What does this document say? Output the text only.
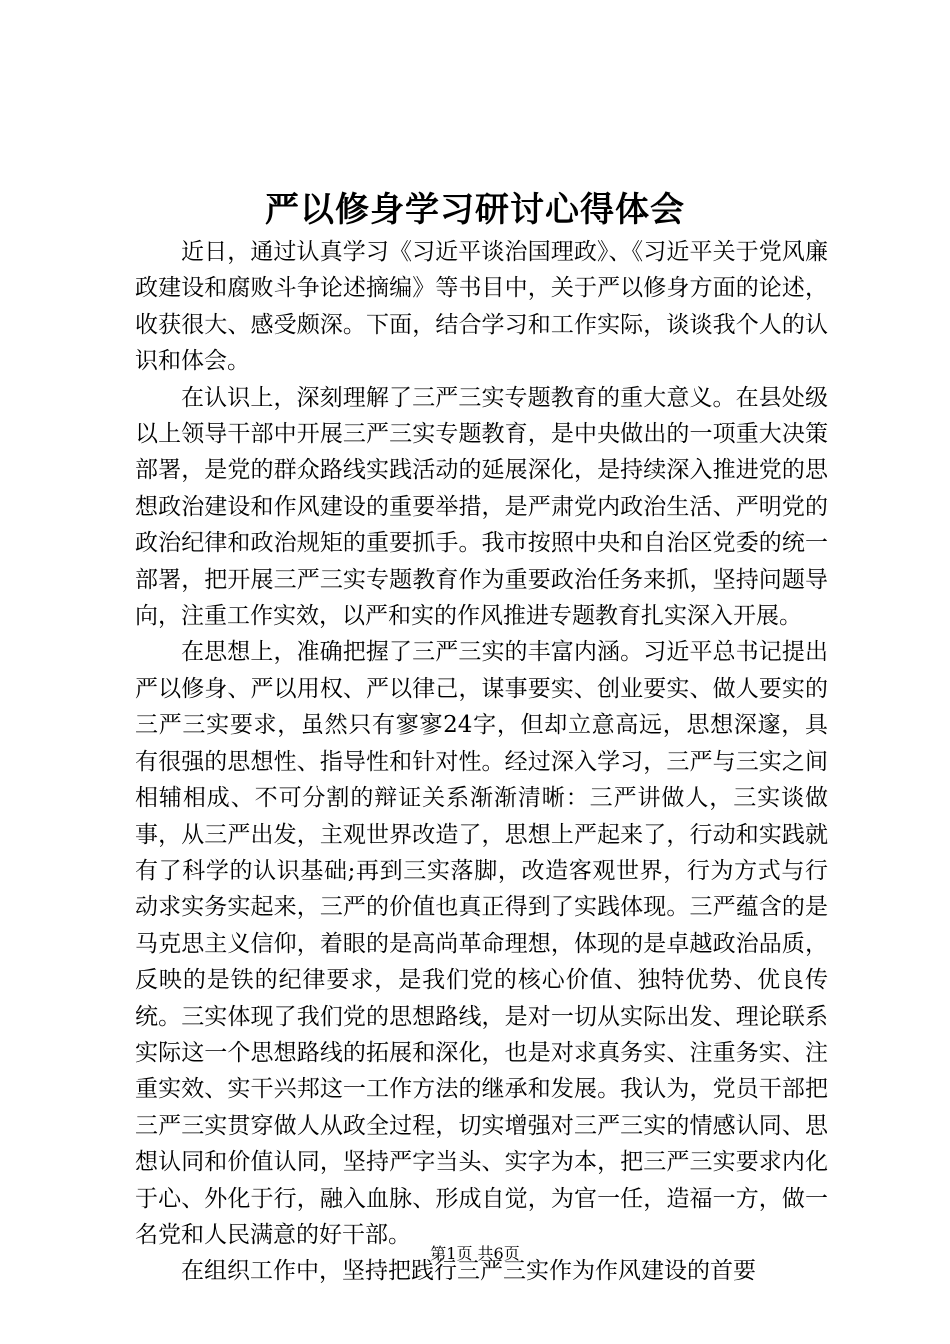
严以修身学习研讨心得体会

近日，通过认真学习《习近平谈治国理政》、《习近平关于党风廉政建设和腐败斗争论述摘编》等书目中，关于严以修身方面的论述，收获很大、感受颇深。下面，结合学习和工作实际，谈谈我个人的认识和体会。

在认识上，深刻理解了三严三实专题教育的重大意义。在县处级以上领导干部中开展三严三实专题教育，是中央做出的一项重大决策部署，是党的群众路线实践活动的延展深化，是持续深入推进党的思想政治建设和作风建设的重要举措，是严肃党内政治生活、严明党的政治纪律和政治规矩的重要抓手。我市按照中央和自治区党委的统一部署，把开展三严三实专题教育作为重要政治任务来抓，坚持问题导向，注重工作实效，以严和实的作风推进专题教育扎实深入开展。

在思想上，准确把握了三严三实的丰富内涵。习近平总书记提出严以修身、严以用权、严以律己，谋事要实、创业要实、做人要实的三严三实要求，虽然只有寥寥24字，但却立意高远，思想深邃，具有很强的思想性、指导性和针对性。经过深入学习，三严与三实之间相辅相成、不可分割的辩证关系渐渐清晰：三严讲做人，三实谈做事，从三严出发，主观世界改造了，思想上严起来了，行动和实践就有了科学的认识基础;再到三实落脚，改造客观世界，行为方式与行动求实务实起来，三严的价值也真正得到了实践体现。三严蕴含的是马克思主义信仰，着眼的是高尚革命理想，体现的是卓越政治品质，反映的是铁的纪律要求，是我们党的核心价值、独特优势、优良传统。三实体现了我们党的思想路线，是对一切从实际出发、理论联系实际这一个思想路线的拓展和深化，也是对求真务实、注重务实、注重实效、实干兴邦这一工作方法的继承和发展。我认为，党员干部把三严三实贯穿做人从政全过程，切实增强对三严三实的情感认同、思想认同和价值认同，坚持严字当头、实字为本，把三严三实要求内化于心、外化于行，融入血脉、形成自觉，为官一任，造福一方，做一名党和人民满意的好干部。

在组织工作中，坚持把践行三严三实作为作风建设的首要

第1页 共6页
